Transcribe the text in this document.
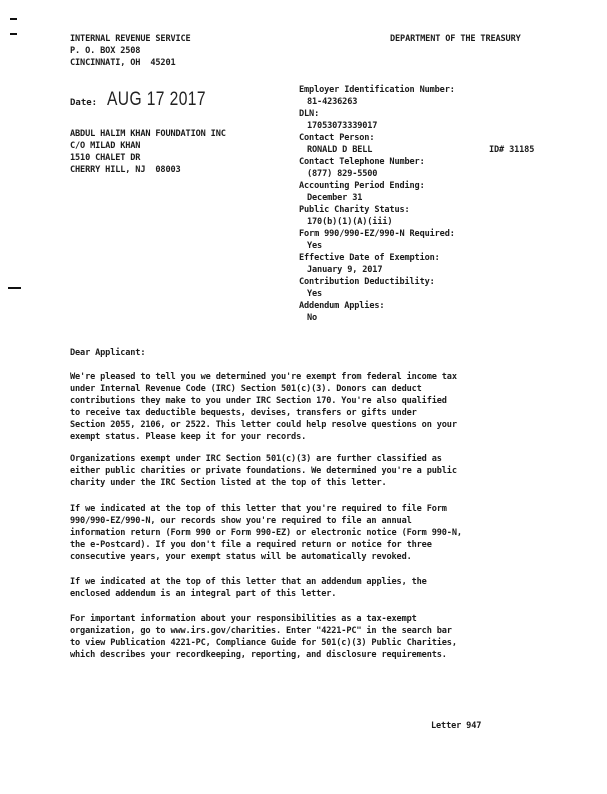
INTERNAL REVENUE SERVICE
P. O. BOX 2508
CINCINNATI, OH  45201
DEPARTMENT OF THE TREASURY
Date: AUG 17 2017
ABDUL HALIM KHAN FOUNDATION INC
C/O MILAD KHAN
1510 CHALET DR
CHERRY HILL, NJ  08003
Employer Identification Number:
81-4236263
DLN:
17053073339017
Contact Person:
RONALD D BELL	ID# 31185
Contact Telephone Number:
(877) 829-5500
Accounting Period Ending:
December 31
Public Charity Status:
170(b)(1)(A)(iii)
Form 990/990-EZ/990-N Required:
Yes
Effective Date of Exemption:
January 9, 2017
Contribution Deductibility:
Yes
Addendum Applies:
No
Dear Applicant:
We're pleased to tell you we determined you're exempt from federal income tax
under Internal Revenue Code (IRC) Section 501(c)(3). Donors can deduct
contributions they make to you under IRC Section 170. You're also qualified
to receive tax deductible bequests, devises, transfers or gifts under
Section 2055, 2106, or 2522. This letter could help resolve questions on your
exempt status. Please keep it for your records.
Organizations exempt under IRC Section 501(c)(3) are further classified as
either public charities or private foundations. We determined you're a public
charity under the IRC Section listed at the top of this letter.
If we indicated at the top of this letter that you're required to file Form
990/990-EZ/990-N, our records show you're required to file an annual
information return (Form 990 or Form 990-EZ) or electronic notice (Form 990-N,
the e-Postcard). If you don't file a required return or notice for three
consecutive years, your exempt status will be automatically revoked.
If we indicated at the top of this letter that an addendum applies, the
enclosed addendum is an integral part of this letter.
For important information about your responsibilities as a tax-exempt
organization, go to www.irs.gov/charities. Enter "4221-PC" in the search bar
to view Publication 4221-PC, Compliance Guide for 501(c)(3) Public Charities,
which describes your recordkeeping, reporting, and disclosure requirements.
Letter 947
